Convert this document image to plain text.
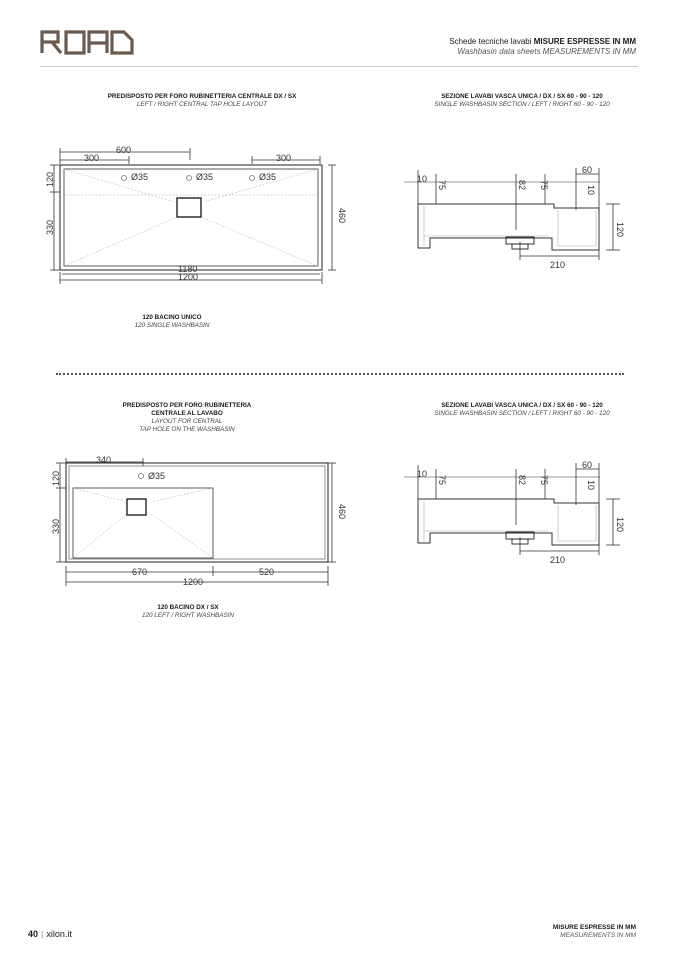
Schede tecniche lavabi MISURE ESPRESSE IN MM
Washbasin data sheets MEASUREMENTS IN MM
PREDISPOSTO PER FORO RUBINETTERIA CENTRALE DX / SX
LEFT / RIGHT CENTRAL TAP HOLE LAYOUT
SEZIONE LAVABI VASCA UNICA / DX / SX 60 - 90 - 120
SINGLE WASHBASIN SECTION / LEFT / RIGHT 60 - 90 - 120
600
300	300
Ø35	Ø35	Ø35
1180
1200
120
330
460
10
75	82 75
60
10
120
210
120 BACINO UNICO
120 SINGLE WASHBASIN
PREDISPOSTO PER FORO RUBINETTERIA
CENTRALE AL LAVABO
LAYOUT FOR CENTRAL
TAP HOLE ON THE WASHBASIN
SEZIONE LAVABI VASCA UNICA / DX / SX 60 - 90 - 120
SINGLE WASHBASIN SECTION / LEFT / RIGHT 60 - 90 - 120
340
Ø35
670	520
1200
120
330
460
10
75	82 75
60
10
120
210
120 BACINO DX / SX
120 LEFT / RIGHT WASHBASIN
40 | xilon.it
MISURE ESPRESSE IN MM
MEASUREMENTS IN MM
